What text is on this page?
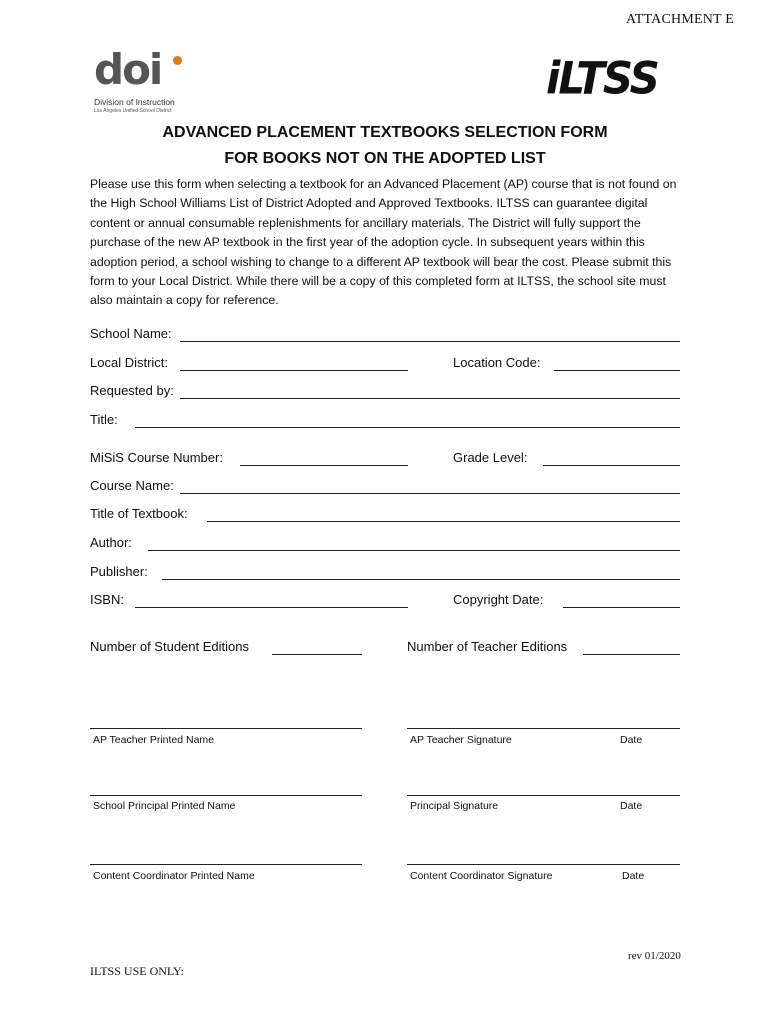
ATTACHMENT E
doi
Division of Instruction
Los Angeles Unified School District
iLTSS
ADVANCED PLACEMENT TEXTBOOKS SELECTION FORM
FOR BOOKS NOT ON THE ADOPTED LIST
Please use this form when selecting a textbook for an Advanced Placement (AP) course that is not found on the High School Williams List of District Adopted and Approved Textbooks. ILTSS can guarantee digital content or annual consumable replenishments for ancillary materials. The District will fully support the purchase of the new AP textbook in the first year of the adoption cycle. In subsequent years within this adoption period, a school wishing to change to a different AP textbook will bear the cost. Please submit this form to your Local District. While there will be a copy of this completed form at ILTSS, the school site must also maintain a copy for reference.
School Name:
Local District:	Location Code:
Requested by:
Title:
MiSiS Course Number:	Grade Level:
Course Name:
Title of Textbook:
Author:
Publisher:
ISBN:	Copyright Date:
Number of Student Editions	Number of Teacher Editions
AP Teacher Printed Name	AP Teacher Signature	Date
School Principal Printed Name	Principal Signature	Date
Content Coordinator Printed Name	Content Coordinator Signature	Date
rev 01/2020
ILTSS USE ONLY:
